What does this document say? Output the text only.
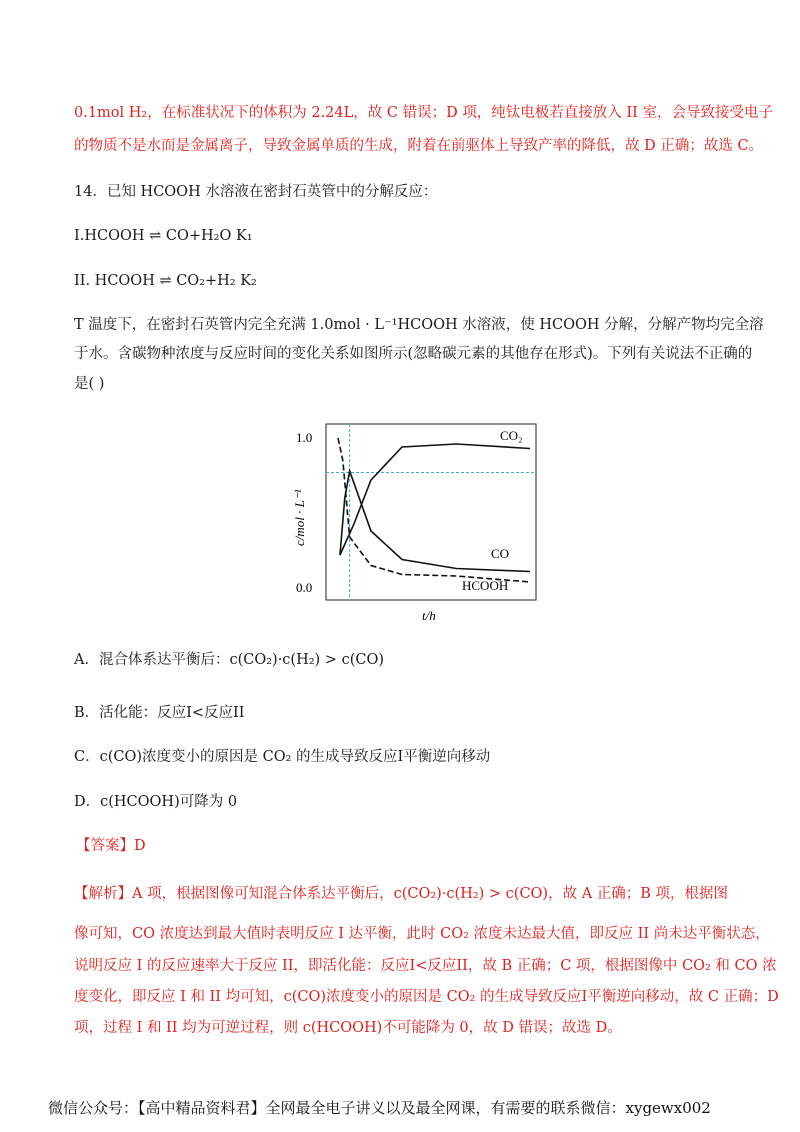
0.1mol H₂，在标准状况下的体积为 2.24L，故 C 错误；D 项，纯钛电极若直接放入 II 室，会导致接受电子
的物质不是水而是金属离子，导致金属单质的生成，附着在前驱体上导致产率的降低，故 D 正确；故选 C。
14．已知 HCOOH 水溶液在密封石英管中的分解反应：
I.HCOOH ⇌ CO+H₂O K₁
II. HCOOH ⇌ CO₂+H₂ K₂
T 温度下，在密封石英管内完全充满 1.0mol · L⁻¹HCOOH 水溶液，使 HCOOH 分解，分解产物均完全溶
于水。含碳物种浓度与反应时间的变化关系如图所示(忽略碳元素的其他存在形式)。下列有关说法不正确的
是( )
1.0
0.0
c/mol · L⁻¹
t/h
CO₂
CO
HCOOH
A．混合体系达平衡后：c(CO₂)·c(H₂) > c(CO)
B．活化能：反应I<反应II
C．c(CO)浓度变小的原因是 CO₂ 的生成导致反应I平衡逆向移动
D．c(HCOOH)可降为 0
【答案】D
【解析】A 项，根据图像可知混合体系达平衡后，c(CO₂)·c(H₂) > c(CO)，故 A 正确；B 项，根据图
像可知，CO 浓度达到最大值时表明反应 I 达平衡，此时 CO₂ 浓度未达最大值，即反应 II 尚未达平衡状态，
说明反应 I 的反应速率大于反应 II，即活化能：反应I<反应II，故 B 正确；C 项，根据图像中 CO₂ 和 CO 浓
度变化，即反应 I 和 II 均可知，c(CO)浓度变小的原因是 CO₂ 的生成导致反应I平衡逆向移动，故 C 正确；D
项，过程 I 和 II 均为可逆过程，则 c(HCOOH)不可能降为 0，故 D 错误；故选 D。
微信公众号：【高中精品资料君】全网最全电子讲义以及最全网课，有需要的联系微信：xygewx002
